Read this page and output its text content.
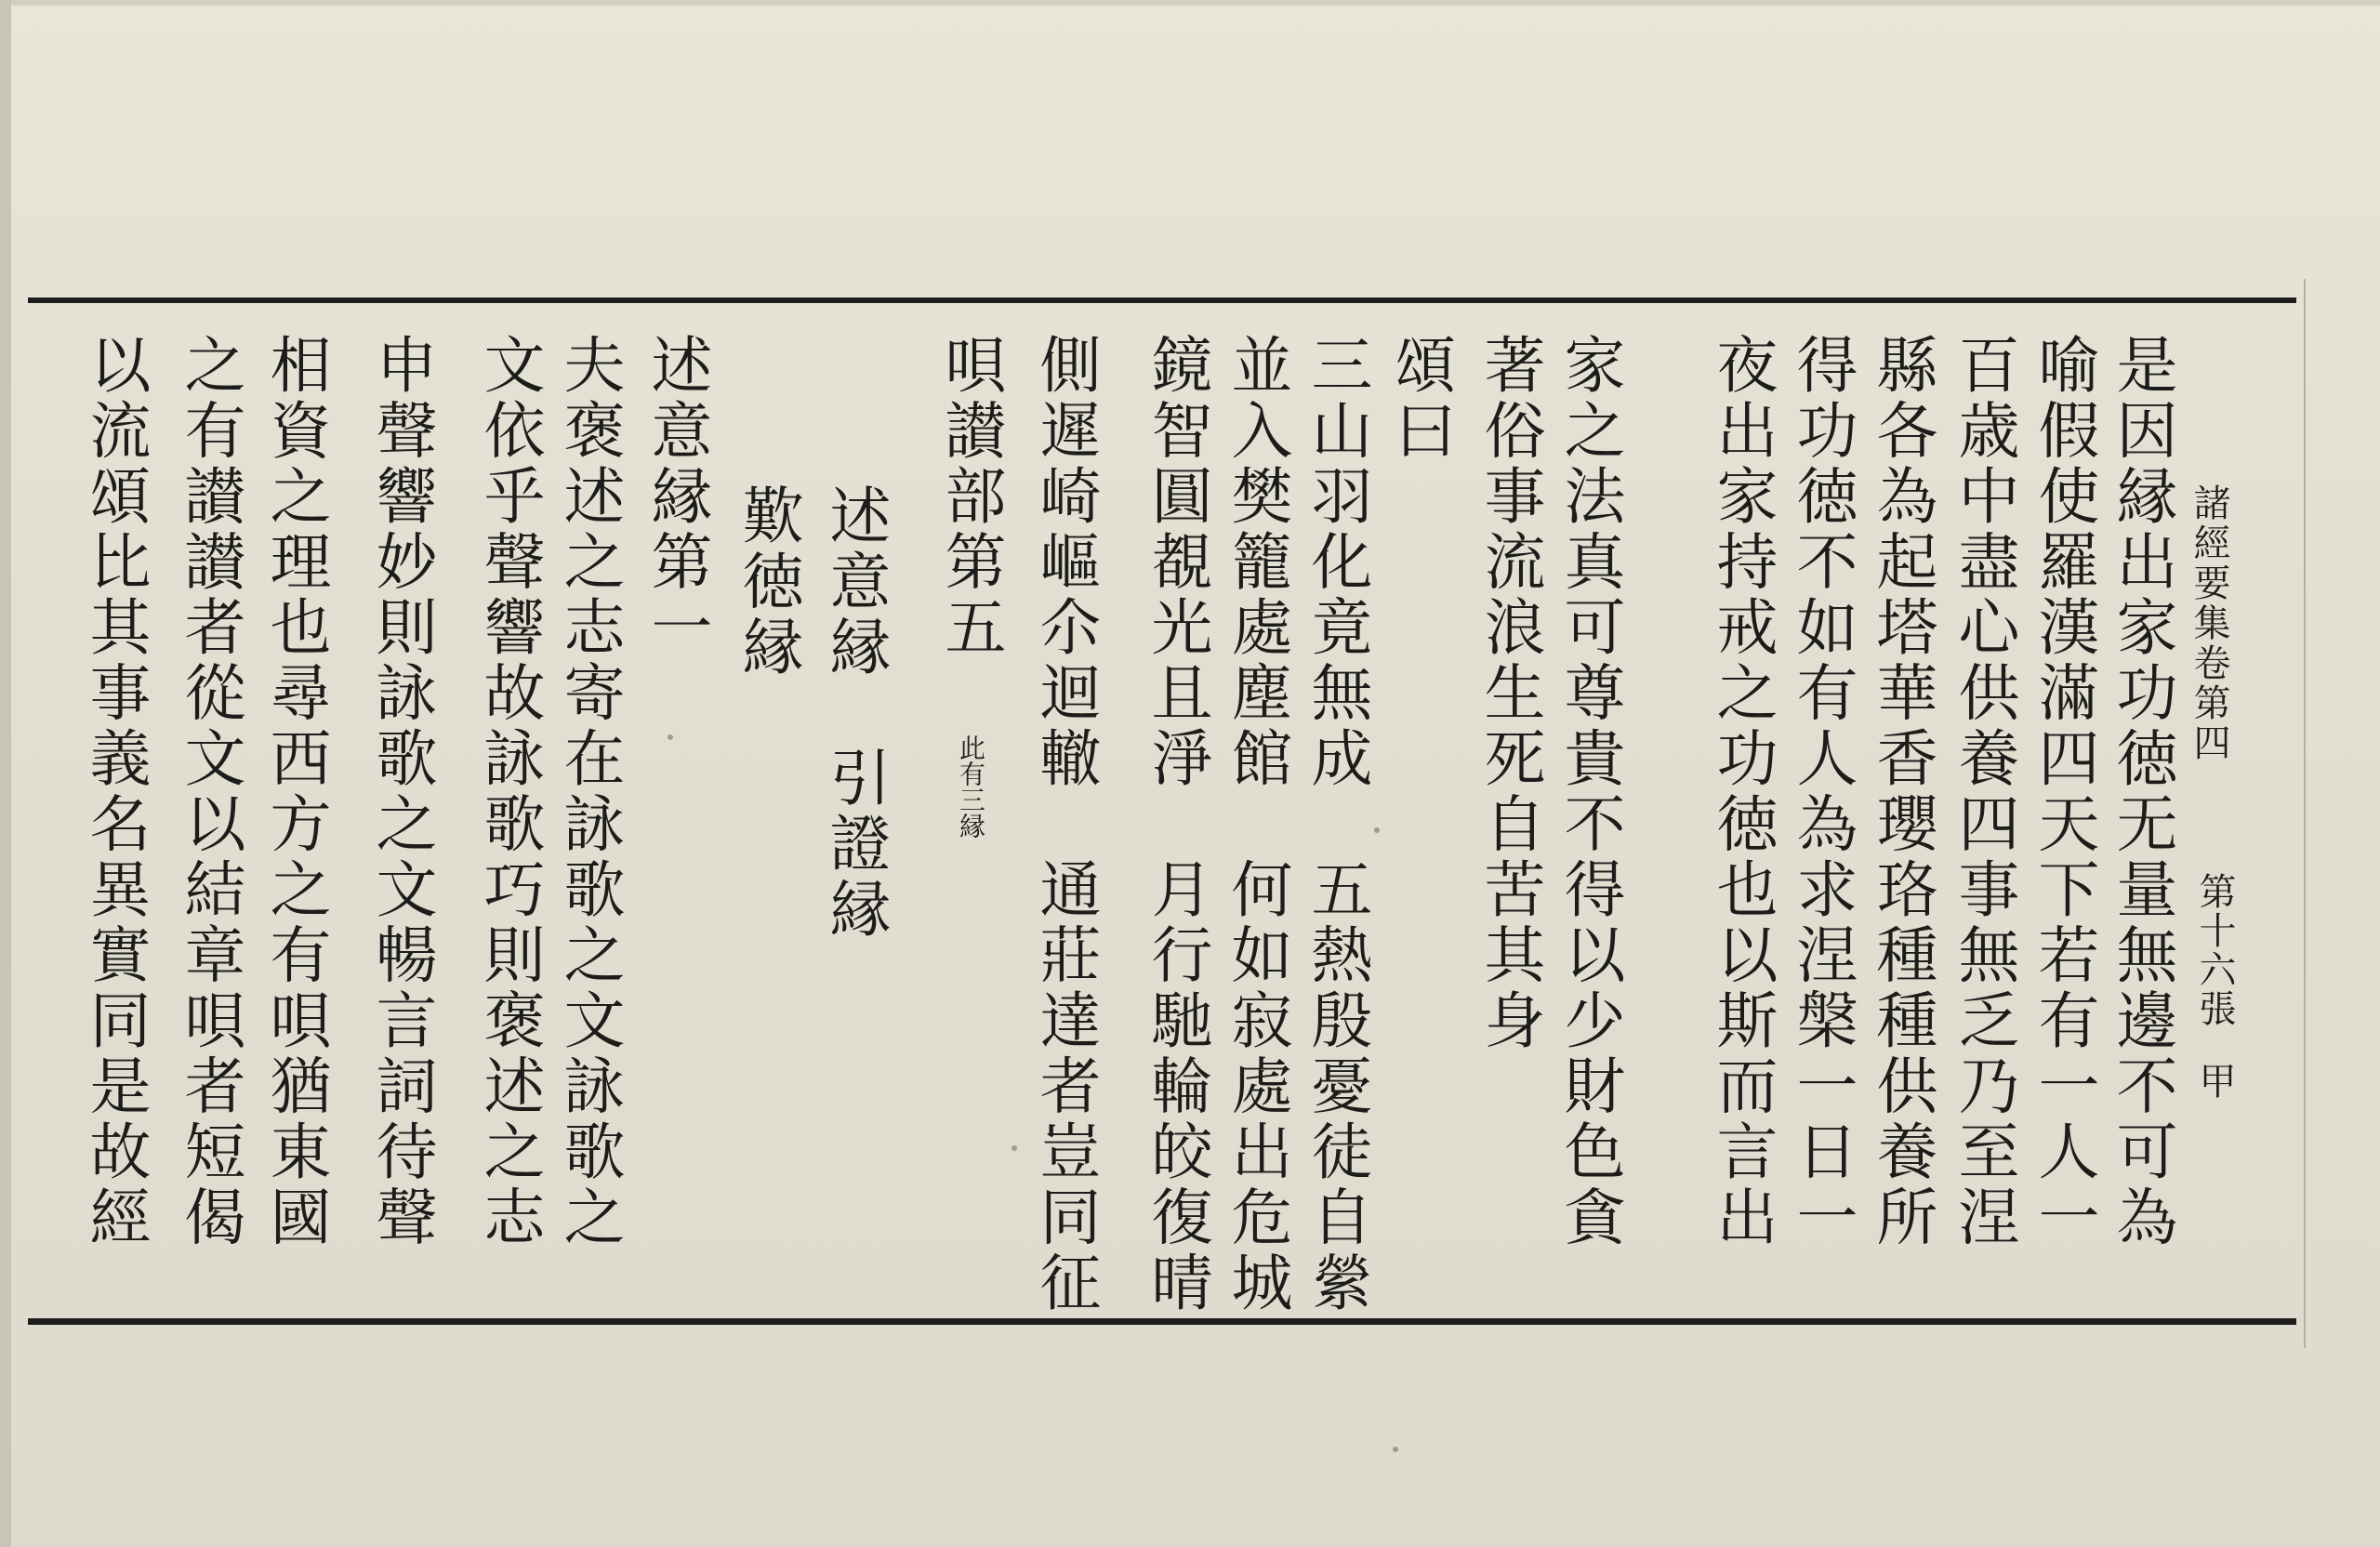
諸經要集卷第四
第十六張
甲
是因縁出家功徳无量無邊不可為
喻假使羅漢滿四天下若有一人一
百歳中盡心供養四事無乏乃至涅
縣各為起塔華香瓔珞種種供養所
得功徳不如有人為求涅槃一日一
夜出家持戒之功徳也以斯而言出
家之法真可尊貴不得以少財色貪
著俗事流浪生死自苦其身
頌曰
三山羽化竟無成　五熱殷憂徒自縈
並入樊籠處塵館　何如寂處出危城
鏡智圓覩光且淨　月行馳輪皎復晴
側遲崎嶇尒迴轍　通莊達者豈同征
唄讃部第五
此有三縁
述意縁　引證縁
歎徳縁
述意縁第一
夫褒述之志寄在詠歌之文詠歌之
文依乎聲響故詠歌巧則褒述之志
申聲響妙則詠歌之文暢言詞待聲
相資之理也尋西方之有唄猶東國
之有讃讃者從文以結章唄者短偈
以流頌比其事義名異實同是故經
